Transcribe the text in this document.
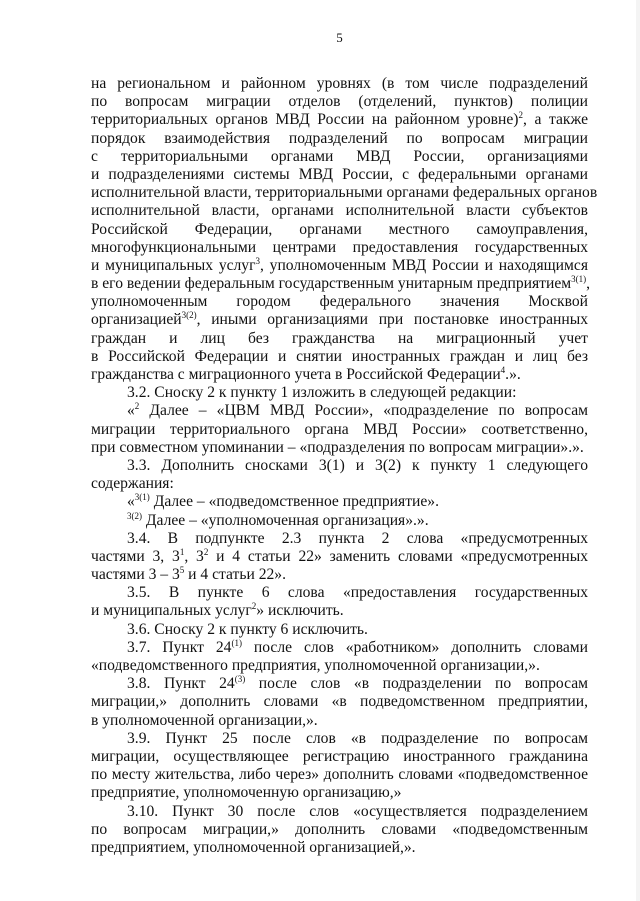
5
на региональном и районном уровнях (в том числе подразделений
по вопросам миграции отделов (отделений, пунктов) полиции
территориальных органов МВД России на районном уровне)$^2$, а также
порядок взаимодействия подразделений по вопросам миграции
с территориальными органами МВД России, организациями
и подразделениями системы МВД России, с федеральными органами
исполнительной власти, территориальными органами федеральных органов
исполнительной власти, органами исполнительной власти субъектов
Российской Федерации, органами местного самоуправления,
многофункциональными центрами предоставления государственных
и муниципальных услуг$^3$, уполномоченным МВД России и находящимся
в его ведении федеральным государственным унитарным предприятием$^{3(1)}$,
уполномоченным городом федерального значения Москвой
организацией$^{3(2)}$, иными организациями при постановке иностранных
граждан и лиц без гражданства на миграционный учет
в Российской Федерации и снятии иностранных граждан и лиц без
гражданства с миграционного учета в Российской Федерации$^4$.».
3.2. Сноску 2 к пункту 1 изложить в следующей редакции:
«$^2$ Далее – «ЦВМ МВД России», «подразделение по вопросам
миграции территориального органа МВД России» соответственно,
при совместном упоминании – «подразделения по вопросам миграции».».
3.3. Дополнить сносками 3(1) и 3(2) к пункту 1 следующего
содержания:
«$^{3(1)}$ Далее – «подведомственное предприятие».
$^{3(2)}$ Далее – «уполномоченная организация».».
3.4. В подпункте 2.3 пункта 2 слова «предусмотренных
частями 3, $3^1$, $3^2$ и 4 статьи 22» заменить словами «предусмотренных
частями $3 - 3^5$ и 4 статьи 22».
3.5. В пункте 6 слова «предоставления государственных
и муниципальных услуг$^2$» исключить.
3.6. Сноску 2 к пункту 6 исключить.
3.7. Пункт 24$^{(1)}$ после слов «работником» дополнить словами
«подведомственного предприятия, уполномоченной организации,».
3.8. Пункт 24$^{(3)}$ после слов «в подразделении по вопросам
миграции,» дополнить словами «в подведомственном предприятии,
в уполномоченной организации,».
3.9. Пункт 25 после слов «в подразделение по вопросам
миграции, осуществляющее регистрацию иностранного гражданина
по месту жительства, либо через» дополнить словами «подведомственное
предприятие, уполномоченную организацию,»
3.10. Пункт 30 после слов «осуществляется подразделением
по вопросам миграции,» дополнить словами «подведомственным
предприятием, уполномоченной организацией,».
